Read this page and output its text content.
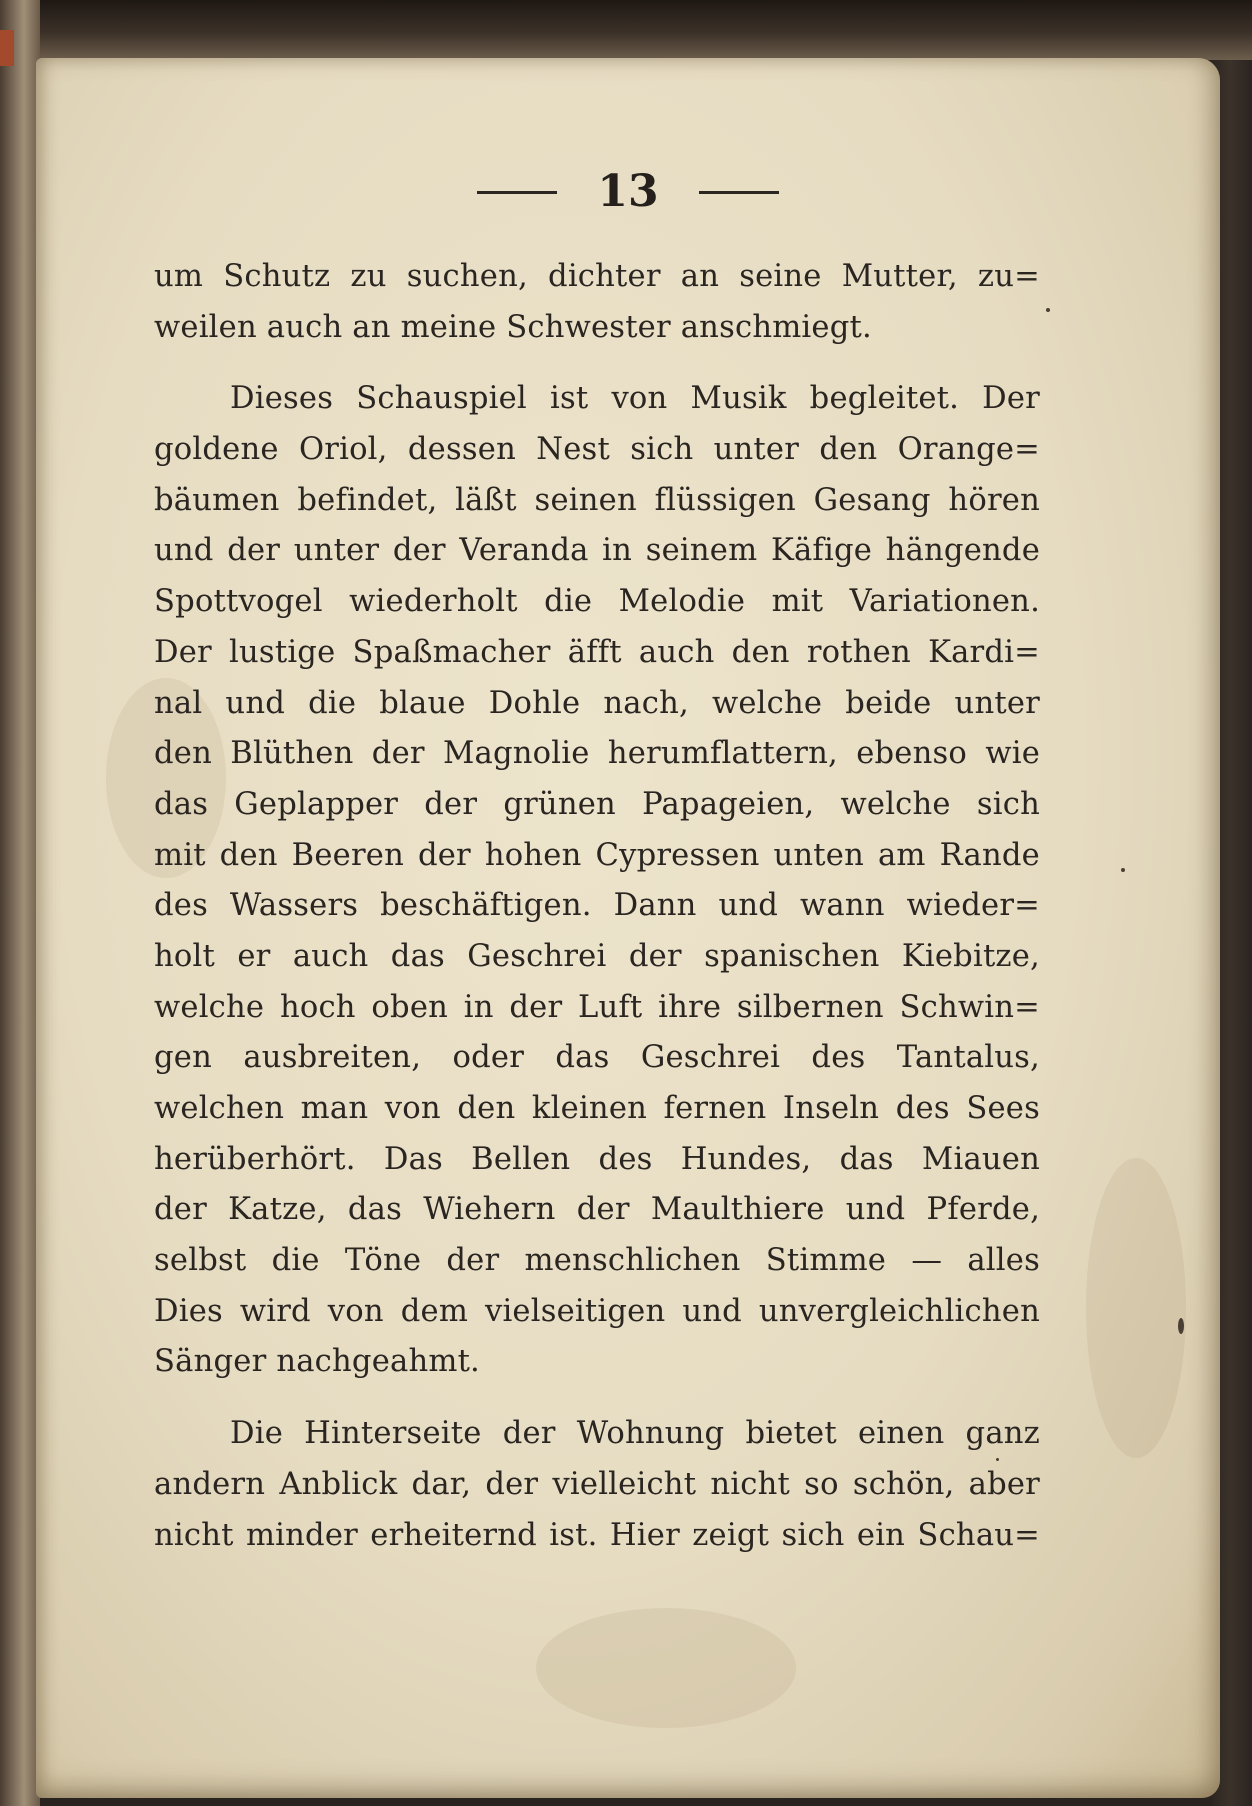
13
um Schutz zu suchen, dichter an seine Mutter, zu=
weilen auch an meine Schwester anschmiegt.
Dieses Schauspiel ist von Musik begleitet. Der
goldene Oriol, dessen Nest sich unter den Orange=
bäumen befindet, läßt seinen flüssigen Gesang hören
und der unter der Veranda in seinem Käfige hängende
Spottvogel wiederholt die Melodie mit Variationen.
Der lustige Spaßmacher äfft auch den rothen Kardi=
nal und die blaue Dohle nach, welche beide unter
den Blüthen der Magnolie herumflattern, ebenso wie
das Geplapper der grünen Papageien, welche sich
mit den Beeren der hohen Cypressen unten am Rande
des Wassers beschäftigen. Dann und wann wieder=
holt er auch das Geschrei der spanischen Kiebitze,
welche hoch oben in der Luft ihre silbernen Schwin=
gen ausbreiten, oder das Geschrei des Tantalus,
welchen man von den kleinen fernen Inseln des Sees
herüberhört. Das Bellen des Hundes, das Miauen
der Katze, das Wiehern der Maulthiere und Pferde,
selbst die Töne der menschlichen Stimme — alles
Dies wird von dem vielseitigen und unvergleichlichen
Sänger nachgeahmt.
Die Hinterseite der Wohnung bietet einen ganz
andern Anblick dar, der vielleicht nicht so schön, aber
nicht minder erheiternd ist. Hier zeigt sich ein Schau=
